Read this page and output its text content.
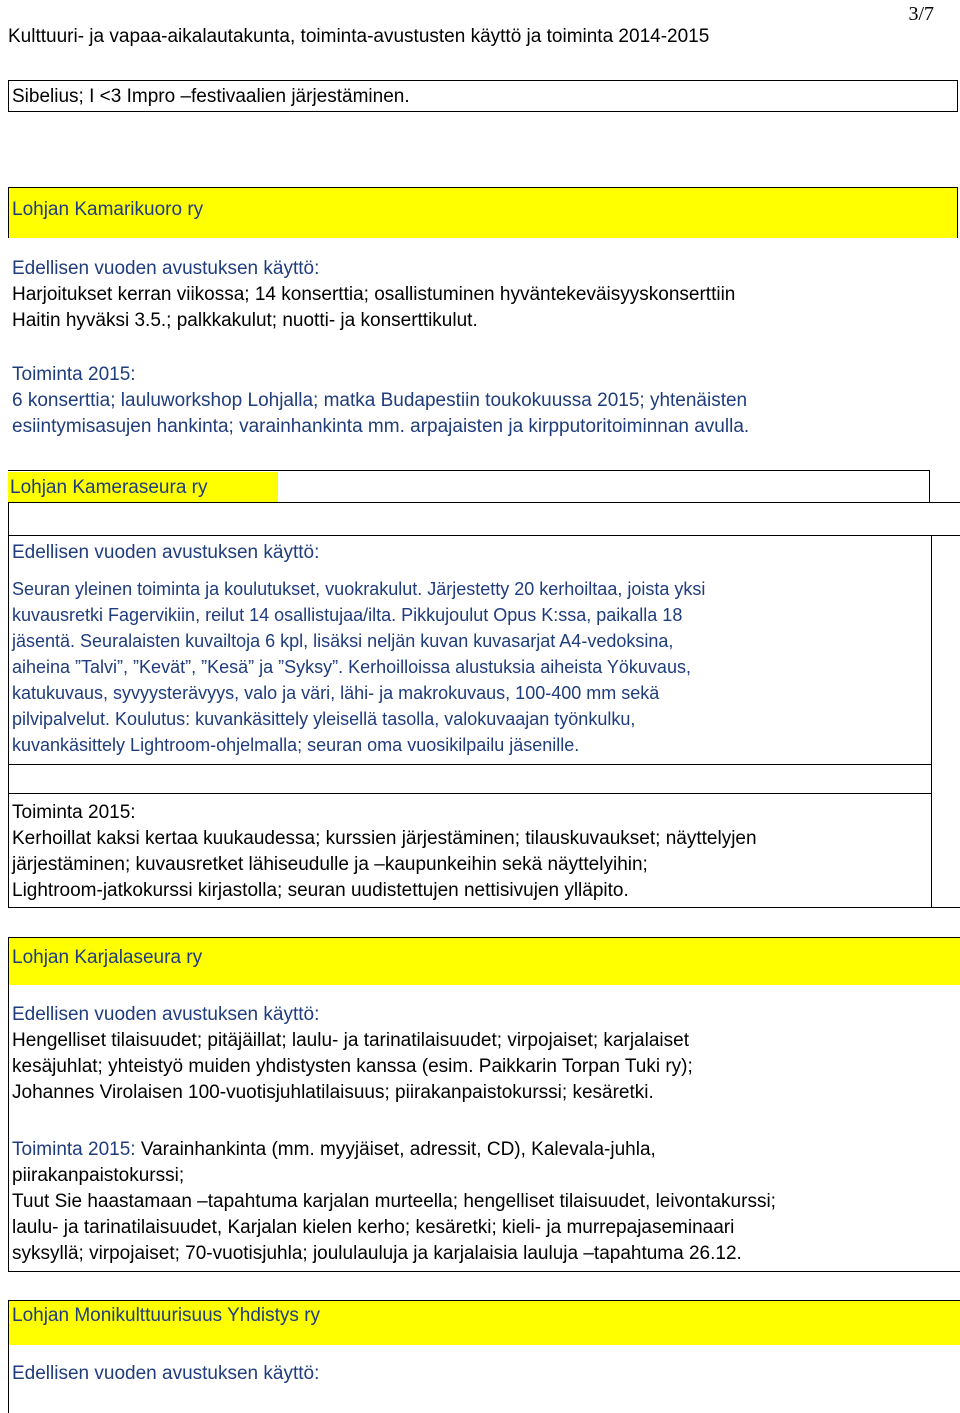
Kulttuuri- ja vapaa-aikalautakunta, toiminta-avustusten käyttö ja toiminta 2014-2015
3/7
Sibelius; I <3 Impro –festivaalien järjestäminen.
Lohjan Kamarikuoro ry
Edellisen vuoden avustuksen käyttö:
Harjoitukset kerran viikossa; 14 konserttia; osallistuminen hyväntekeväisyyskonserttiin
Haitin hyväksi 3.5.; palkkakulut; nuotti- ja konserttikulut.
Toiminta 2015:
6 konserttia; lauluworkshop Lohjalla; matka Budapestiin toukokuussa 2015; yhtenäisten
esiintymisasujen hankinta; varainhankinta mm. arpajaisten ja kirpputoritoiminnan avulla.
Lohjan Kameraseura ry
Edellisen vuoden avustuksen käyttö:
Seuran yleinen toiminta ja koulutukset, vuokrakulut. Järjestetty 20 kerhoiltaa, joista yksi
kuvausretki Fagervikiin, reilut 14 osallistujaa/ilta. Pikkujoulut Opus K:ssa, paikalla 18
jäsentä. Seuralaisten kuvailtoja 6 kpl, lisäksi neljän kuvan kuvasarjat A4-vedoksina,
aiheina ”Talvi”, ”Kevät”, ”Kesä” ja ”Syksy”. Kerhoilloissa alustuksia aiheista Yökuvaus,
katukuvaus, syvyysterävyys, valo ja väri, lähi- ja makrokuvaus, 100-400 mm sekä
pilvipalvelut. Koulutus: kuvankäsittely yleisellä tasolla, valokuvaajan työnkulku,
kuvankäsittely Lightroom-ohjelmalla; seuran oma vuosikilpailu jäsenille.
Toiminta 2015:
Kerhoillat kaksi kertaa kuukaudessa; kurssien järjestäminen; tilauskuvaukset; näyttelyjen
järjestäminen; kuvausretket lähiseudulle ja –kaupunkeihin sekä näyttelyihin;
Lightroom-jatkokurssi kirjastolla; seuran uudistettujen nettisivujen ylläpito.
Lohjan Karjalaseura ry
Edellisen vuoden avustuksen käyttö:
Hengelliset tilaisuudet; pitäjäillat; laulu- ja tarinatilaisuudet; virpojaiset; karjalaiset
kesäjuhlat; yhteistyö muiden yhdistysten kanssa (esim. Paikkarin Torpan Tuki ry);
Johannes Virolaisen 100-vuotisjuhlatilaisuus; piirakanpaistokurssi; kesäretki.
Toiminta 2015: Varainhankinta (mm. myyjäiset, adressit, CD), Kalevala-juhla,
piirakanpaistokurssi;
Tuut Sie haastamaan –tapahtuma karjalan murteella; hengelliset tilaisuudet, leivontakurssi;
laulu- ja tarinatilaisuudet, Karjalan kielen kerho; kesäretki; kieli- ja murrepajaseminaari
syksyllä; virpojaiset; 70-vuotisjuhla; joululauluja ja karjalaisia lauluja –tapahtuma 26.12.
Lohjan Monikulttuurisuus Yhdistys ry
Edellisen vuoden avustuksen käyttö:
